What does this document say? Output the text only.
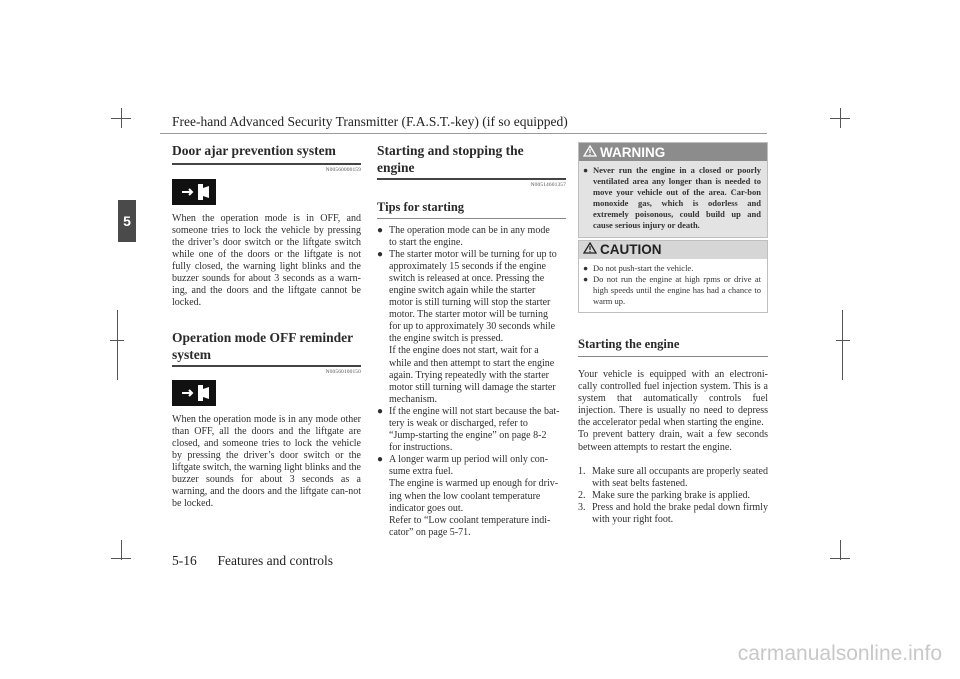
Free-hand Advanced Security Transmitter (F.A.S.T.-key) (if so equipped)
5
Door ajar prevention system
N00560000159

When the operation mode is in OFF, and someone tries to lock the vehicle by pressing the driver’s door switch or the liftgate switch while one of the doors or the liftgate is not fully closed, the warning light blinks and the buzzer sounds for about 3 seconds as a warn-ing, and the doors and the liftgate cannot be locked.

Operation mode OFF reminder
system
N00560100150

When the operation mode is in any mode other than OFF, all the doors and the liftgate are closed, and someone tries to lock the vehicle by pressing the driver’s door switch or the liftgate switch, the warning light blinks and the buzzer sounds for about 3 seconds as a warning, and the doors and the liftgate can-not be locked.

Starting and stopping the
engine
N00514601357
Tips for starting
● The operation mode can be in any mode
to start the engine.
● The starter motor will be turning for up to
approximately 15 seconds if the engine
switch is released at once. Pressing the
engine switch again while the starter
motor is still turning will stop the starter
motor. The starter motor will be turning
for up to approximately 30 seconds while
the engine switch is pressed.
If the engine does not start, wait for a
while and then attempt to start the engine
again. Trying repeatedly with the starter
motor still turning will damage the starter
mechanism.
● If the engine will not start because the bat-
tery is weak or discharged, refer to
“Jump-starting the engine” on page 8-2
for instructions.
● A longer warm up period will only con-
sume extra fuel.
The engine is warmed up enough for driv-
ing when the low coolant temperature
indicator goes out.
Refer to “Low coolant temperature indi-
cator” on page 5-71.
WARNING
● Never run the engine in a closed or poorly ventilated area any longer than is needed to move your vehicle out of the area. Car-bon monoxide gas, which is odorless and extremely poisonous, could build up and cause serious injury or death.
CAUTION
● Do not push-start the vehicle.
● Do not run the engine at high rpms or drive at high speeds until the engine has had a chance to warm up.
Starting the engine

Your vehicle is equipped with an electroni-cally controlled fuel injection system. This is a system that automatically controls fuel injection. There is usually no need to depress the accelerator pedal when starting the engine.

To prevent battery drain, wait a few seconds between attempts to restart the engine.

1. Make sure all occupants are properly seated with seat belts fastened.
2. Make sure the parking brake is applied.
3. Press and hold the brake pedal down firmly with your right foot.
5-16 Features and controls
carmanualsonline.info
